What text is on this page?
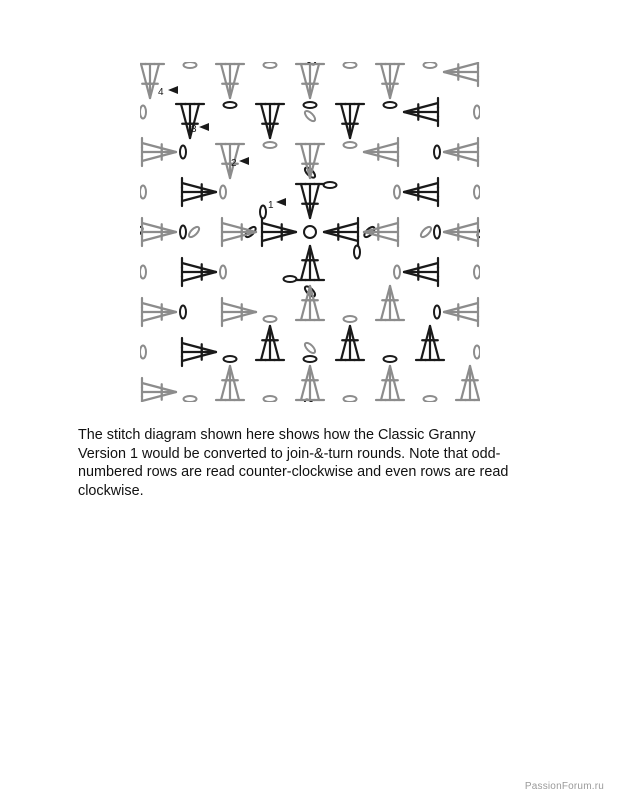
1
2
3
4
The stitch diagram shown here shows how the Classic Granny
Version 1 would be converted to join-&-turn rounds. Note that odd-
numbered rows are read counter-clockwise and even rows are read
clockwise.
PassionForum.ru
